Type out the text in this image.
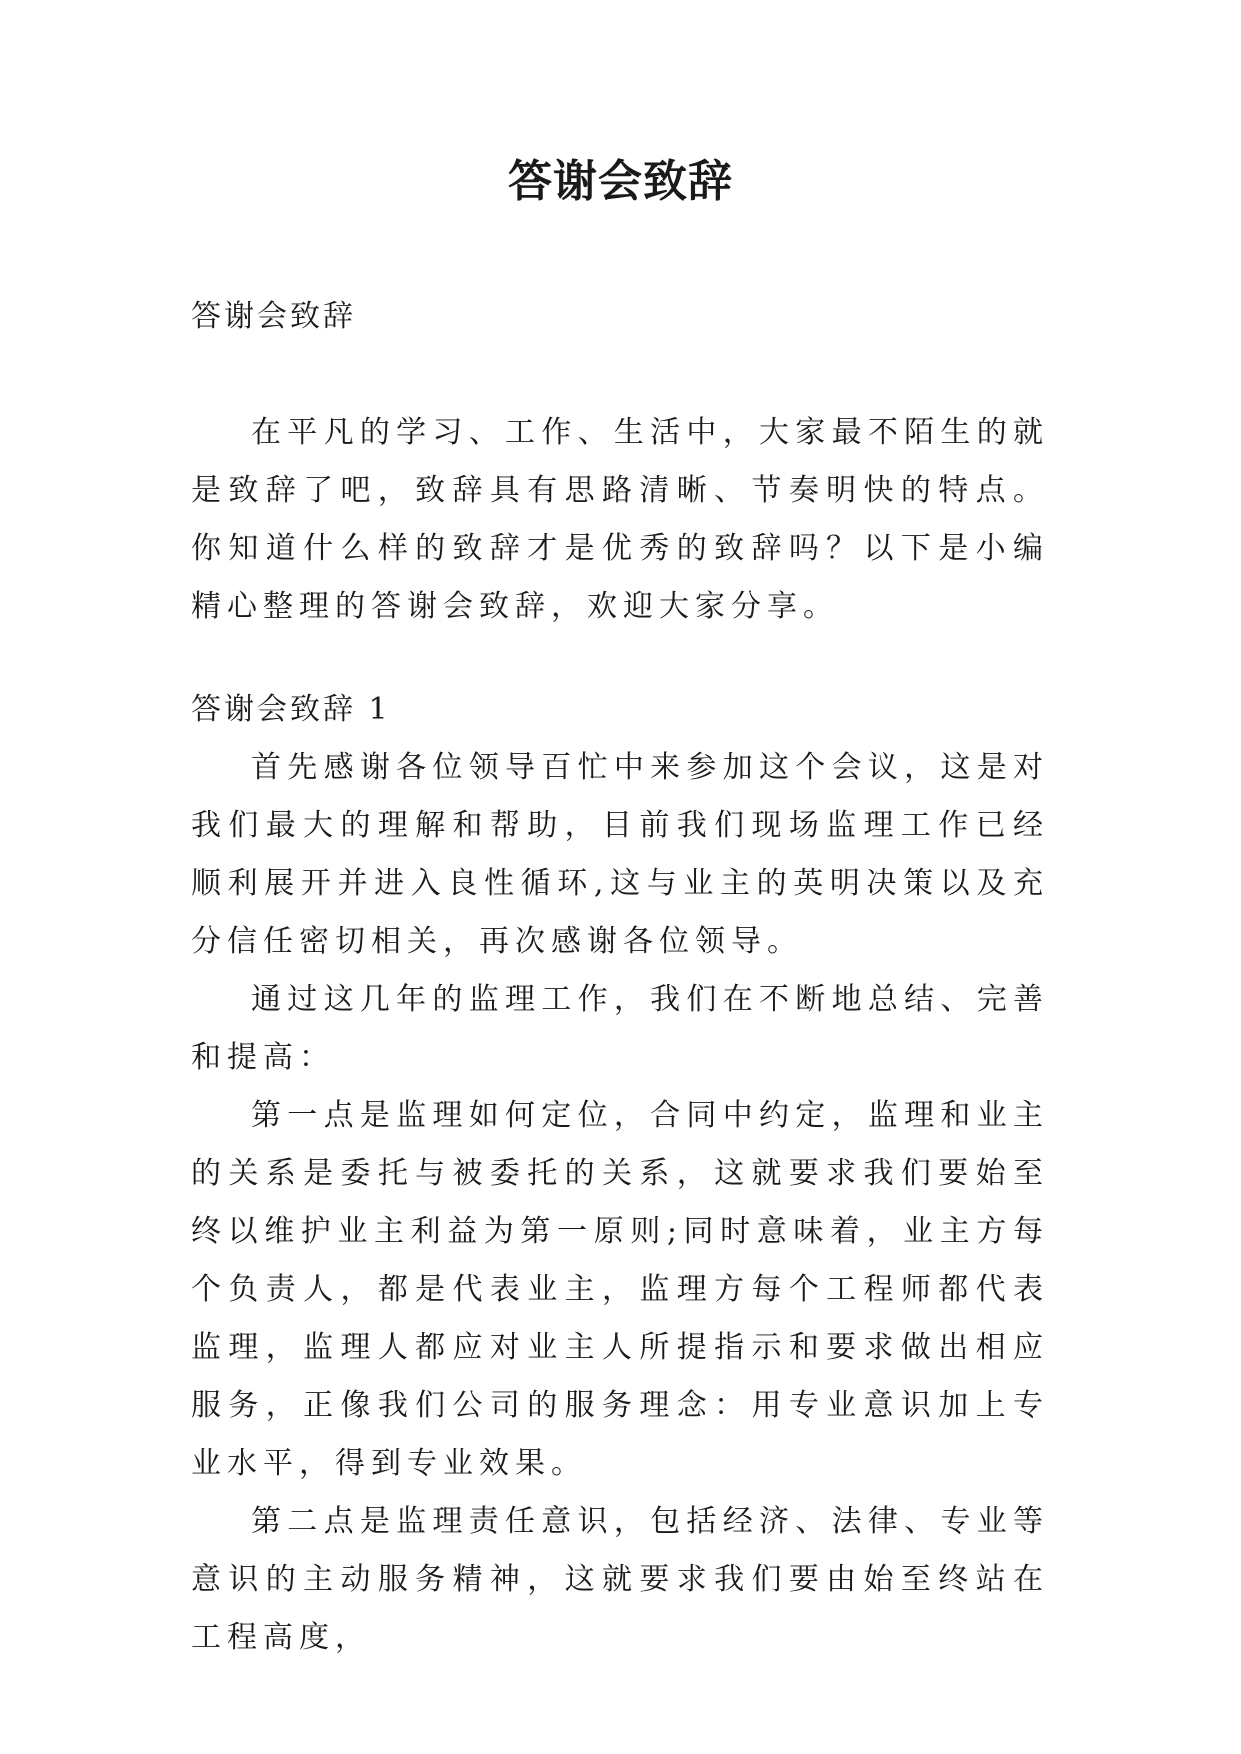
答谢会致辞

答谢会致辞

在平凡的学习、工作、生活中，大家最不陌生的就是致辞了吧，致辞具有思路清晰、节奏明快的特点。你知道什么样的致辞才是优秀的致辞吗？以下是小编精心整理的答谢会致辞，欢迎大家分享。

答谢会致辞 1

首先感谢各位领导百忙中来参加这个会议，这是对我们最大的理解和帮助，目前我们现场监理工作已经顺利展开并进入良性循环,这与业主的英明决策以及充分信任密切相关，再次感谢各位领导。

通过这几年的监理工作，我们在不断地总结、完善和提高：

第一点是监理如何定位，合同中约定，监理和业主的关系是委托与被委托的关系，这就要求我们要始至终以维护业主利益为第一原则;同时意味着，业主方每个负责人，都是代表业主，监理方每个工程师都代表监理，监理人都应对业主人所提指示和要求做出相应服务，正像我们公司的服务理念：用专业意识加上专业水平，得到专业效果。

第二点是监理责任意识，包括经济、法律、专业等意识的主动服务精神，这就要求我们要由始至终站在工程高度，
